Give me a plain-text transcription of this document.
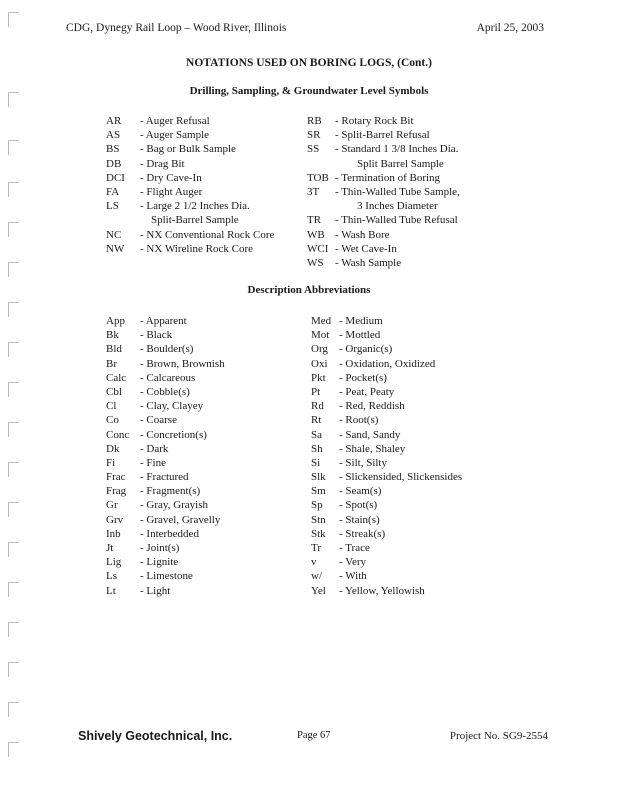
CDG, Dynegy Rail Loop – Wood River, Illinois	April 25, 2003
NOTATIONS USED ON BORING LOGS, (Cont.)
Drilling, Sampling, & Groundwater Level Symbols
AR	- Auger Refusal
AS	- Auger Sample
BS	- Bag or Bulk Sample
DB	- Drag Bit
DCI	- Dry Cave-In
FA	- Flight Auger
LS	- Large 2 1/2 Inches Dia.
Split-Barrel Sample
NC	- NX Conventional Rock Core
NW	- NX Wireline Rock Core
RB	- Rotary Rock Bit
SR	- Split-Barrel Refusal
SS	- Standard 1 3/8 Inches Dia.
Split Barrel Sample
TOB - Termination of Boring
3T	- Thin-Walled Tube Sample,
3 Inches Diameter
TR	- Thin-Walled Tube Refusal
WB - Wash Bore
WCI - Wet Cave-In
WS	- Wash Sample
Description Abbreviations
App	- Apparent
Bk	- Black
Bld	- Boulder(s)
Br	- Brown, Brownish
Calc	- Calcareous
Cbl	- Cobble(s)
Cl	- Clay, Clayey
Co	- Coarse
Conc - Concretion(s)
Dk	- Dark
Fi	- Fine
Frac	- Fractured
Frag	- Fragment(s)
Gr	- Gray, Grayish
Grv	- Gravel, Gravelly
Inb	- Interbedded
Jt	- Joint(s)
Lig	- Lignite
Ls	- Limestone
Lt	- Light
Med - Medium
Mot - Mottled
Org	- Organic(s)
Oxi	- Oxidation, Oxidized
Pkt	- Pocket(s)
Pt	- Peat, Peaty
Rd	- Red, Reddish
Rt	- Root(s)
Sa	- Sand, Sandy
Sh	- Shale, Shaley
Si	- Silt, Silty
Slk	- Slickensided, Slickensides
Sm	- Seam(s)
Sp	- Spot(s)
Stn	- Stain(s)
Stk	- Streak(s)
Tr	- Trace
v	- Very
w/	- With
Yel	- Yellow, Yellowish
Shively Geotechnical, Inc.	Page 67	Project No. SG9-2554
